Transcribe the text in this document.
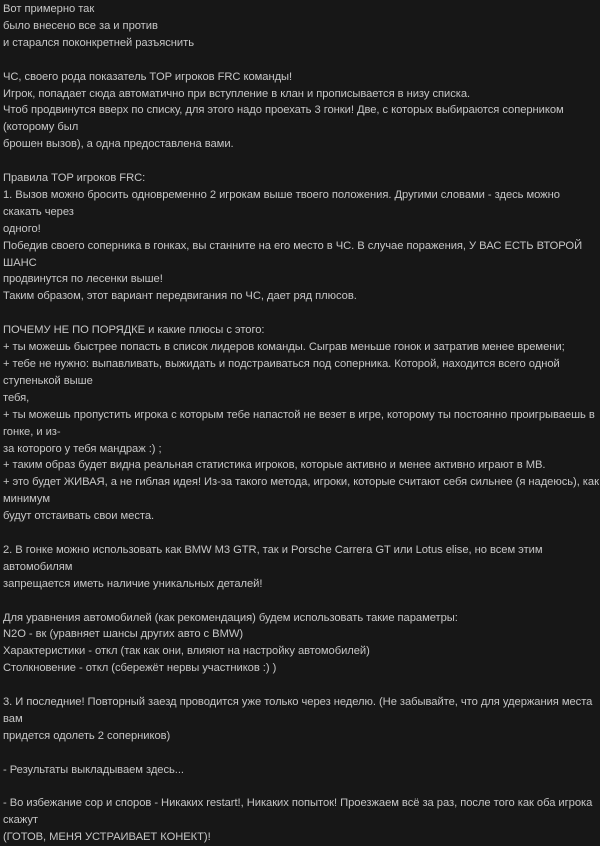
Вот примерно так
было внесено все за и против
и старался поконкретней разъяснить
ЧС, своего рода показатель TOP игроков FRC команды!
Игрок, попадает сюда автоматично при вступление в клан и прописывается в низу списка.
Чтоб продвинутся вверх по списку, для этого надо проехать 3 гонки! Две, с которых выбираются соперником (которому был
брошен вызов), а одна предоставлена вами.
Правила TOP игроков FRC:
1. Вызов можно бросить одновременно 2 игрокам выше твоего положения. Другими словами - здесь можно скакать через
одного!
Победив своего соперника в гонках, вы станните на его место в ЧС. В случае поражения, У ВАС ЕСТЬ ВТОРОЙ ШАНС
продвинутся по лесенки выше!
Таким образом, этот вариант передвигания по ЧС, дает ряд плюсов.
ПОЧЕМУ НЕ ПО ПОРЯДКЕ и какие плюсы с этого:
+ ты можешь быстрее попасть в список лидеров команды. Сыграв меньше гонок и затратив менее времени;
+ тебе не нужно: выпавливать, выжидать и подстраиваться под соперника. Которой, находится всего одной ступенькой выше
тебя,
+ ты можешь пропустить игрока с которым тебе напастой не везет в игре, которому ты постоянно проигрываешь в гонке, и из-
за которого у тебя мандраж :) ;
+ таким образ будет видна реальная статистика игроков, которые активно и менее активно играют в МВ.
+ это будет ЖИВАЯ, а не гиблая идея! Из-за такого метода, игроки, которые считают себя сильнее (я надеюсь), как минимум
будут отстаивать свои места.
2. В гонке можно использовать как BMW M3 GTR, так и Porsche Carrera GT или Lotus elise, но всем этим автомобилям
запрещается иметь наличие уникальных деталей!
Для уравнения автомобилей (как рекомендация) будем использовать такие параметры:
N2O - вк (уравняет шансы других авто с BMW)
Характеристики - откл (так как они, влияют на настройку автомобилей)
Столкновение - откл (сбережёт нервы участников :) )
3. И последние! Повторный заезд проводится уже только через неделю. (Не забывайте, что для удержания места вам
придется одолеть 2 соперников)
- Результаты выкладываем здесь...
- Во избежание сор и споров - Никаких restart!, Никаких попыток! Проезжаем всё за раз, после того как оба игрока скажут
(ГОТОВ, МЕНЯ УСТРАИВАЕТ КОНЕКТ)!
